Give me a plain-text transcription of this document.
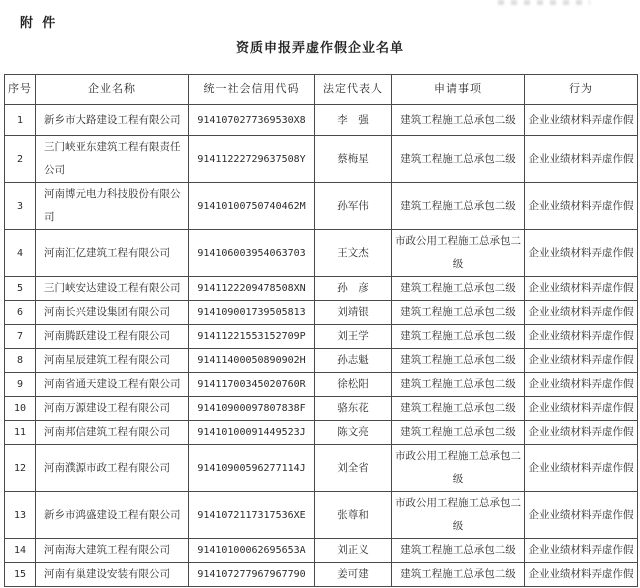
附 件
资质申报弄虚作假企业名单
序号	企业名称	统一社会信用代码	法定代表人	申请事项	行为
1	新乡市大路建设工程有限公司	9141070277369530X8	李　强	建筑工程施工总承包二级	企业业绩材料弄虚作假
2	三门峡亚东建筑工程有限责任公司	91411222729637508Y	蔡梅星	建筑工程施工总承包二级	企业业绩材料弄虚作假
3	河南博元电力科技股份有限公司	91410100750740462M	孙军伟	建筑工程施工总承包二级	企业业绩材料弄虚作假
4	河南汇亿建筑工程有限公司	914106003954063703	王文杰	市政公用工程施工总承包二级	企业业绩材料弄虚作假
5	三门峡安达建设工程有限公司	9141122209478508XN	孙　彦	建筑工程施工总承包二级	企业业绩材料弄虚作假
6	河南长兴建设集团有限公司	914109001739505813	刘靖银	建筑工程施工总承包二级	企业业绩材料弄虚作假
7	河南腾跃建设工程有限公司	91411221553152709P	刘王学	建筑工程施工总承包二级	企业业绩材料弄虚作假
8	河南星辰建筑工程有限公司	91411400050890902H	孙志魁	建筑工程施工总承包二级	企业业绩材料弄虚作假
9	河南省通天建设工程有限公司	91411700345020760R	徐松阳	建筑工程施工总承包二级	企业业绩材料弄虚作假
10	河南万源建设工程有限公司	91410900097807838F	骆东花	建筑工程施工总承包二级	企业业绩材料弄虚作假
11	河南邦信建筑工程有限公司	91410100091449523J	陈文亮	建筑工程施工总承包二级	企业业绩材料弄虚作假
12	河南濮源市政工程有限公司	91410900596277114J	刘全省	市政公用工程施工总承包二级	企业业绩材料弄虚作假
13	新乡市鸿盛建设工程有限公司	9141072117317536XE	张尊和	市政公用工程施工总承包二级	企业业绩材料弄虚作假
14	河南海大建筑工程有限公司	91410100062695653A	刘正义	建筑工程施工总承包二级	企业业绩材料弄虚作假
15	河南有巢建设安装有限公司	914107277967967790	姜可建	建筑工程施工总承包二级	企业业绩材料弄虚作假
